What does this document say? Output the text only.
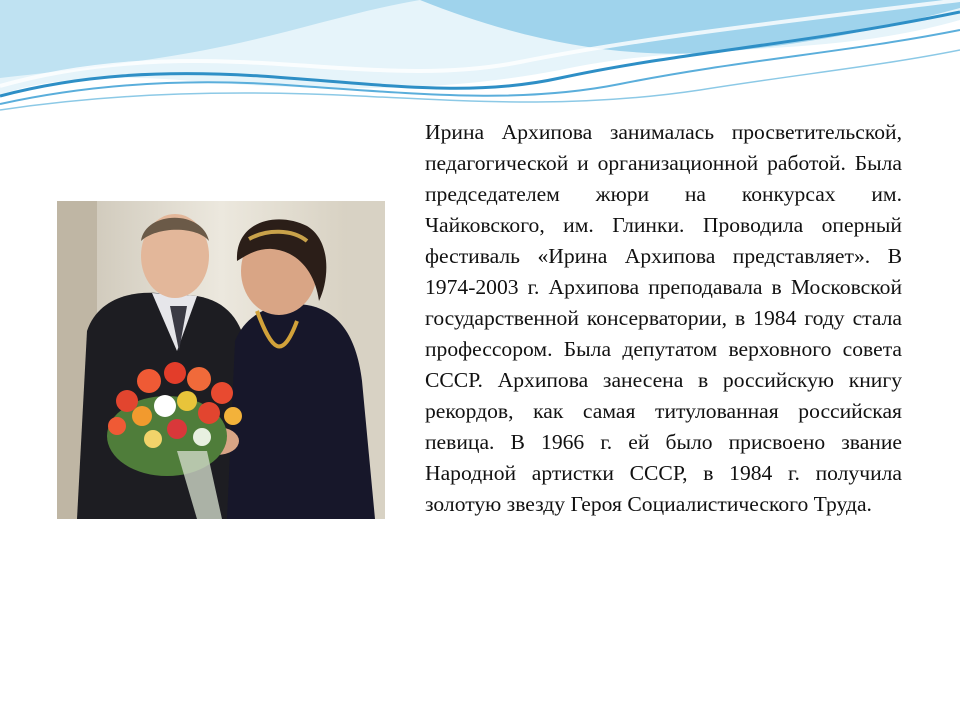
Ирина Архипова занималась просветительской, педагогической и организационной работой. Была председателем жюри на конкурсах им. Чайковского, им. Глинки. Проводила оперный фестиваль «Ирина Архипова представляет». В 1974-2003 г. Архипова преподавала в Московской государственной консерватории, в 1984 году стала профессором. Была депутатом верховного совета СССР. Архипова занесена в российскую книгу рекордов, как самая титулованная российская певица. В 1966 г. ей было присвоено звание Народной артистки СССР, в 1984 г. получила золотую звезду Героя Социалистического Труда.
